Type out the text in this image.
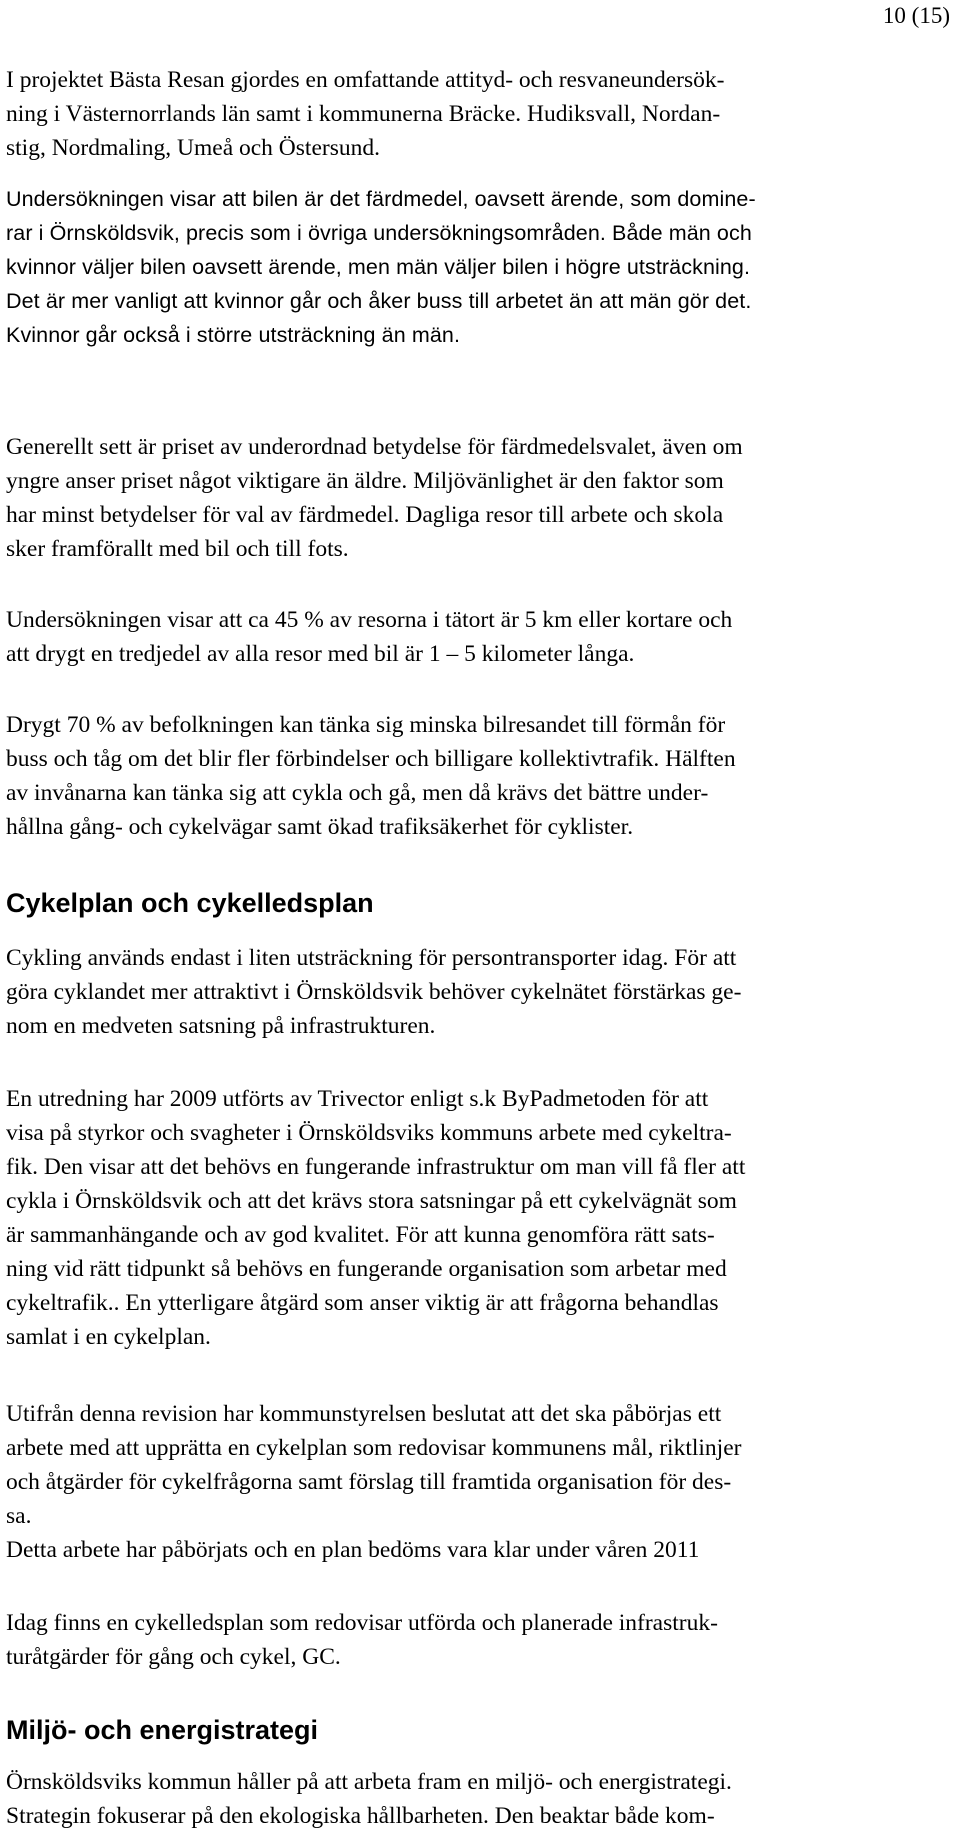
10 (15)
I projektet Bästa Resan gjordes en omfattande attityd- och resvaneundersök-
ning i Västernorrlands län samt i kommunerna Bräcke. Hudiksvall, Nordan-
stig, Nordmaling, Umeå och Östersund.
Undersökningen visar att bilen är det färdmedel, oavsett ärende, som domine-
rar i Örnsköldsvik, precis som i övriga undersökningsområden. Både män och
kvinnor väljer bilen oavsett ärende, men män väljer bilen i högre utsträckning.
Det är mer vanligt att kvinnor går och åker buss till arbetet än att män gör det.
Kvinnor går också i större utsträckning än män.
Generellt sett är priset av underordnad betydelse för färdmedelsvalet, även om
yngre anser priset något viktigare än äldre. Miljövänlighet är den faktor som
har minst betydelser för val av färdmedel. Dagliga resor till arbete och skola
sker framförallt med bil och till fots.
Undersökningen visar att ca 45 % av resorna i tätort är 5 km eller kortare och
att drygt en tredjedel av alla resor med bil är 1 – 5 kilometer långa.
Drygt 70 % av befolkningen kan tänka sig minska bilresandet till förmån för
buss och tåg om det blir fler förbindelser och billigare kollektivtrafik. Hälften
av invånarna kan tänka sig att cykla och gå, men då krävs det bättre under-
hållna gång- och cykelvägar samt ökad trafiksäkerhet för cyklister.
Cykelplan och cykelledsplan
Cykling används endast i liten utsträckning för persontransporter idag. För att
göra cyklandet mer attraktivt i Örnsköldsvik behöver cykelnätet förstärkas ge-
nom en medveten satsning på infrastrukturen.
En utredning har 2009 utförts av Trivector enligt s.k ByPadmetoden för att
visa på styrkor och svagheter i Örnsköldsviks kommuns arbete med cykeltra-
fik. Den visar att det behövs en fungerande infrastruktur om man vill få fler att
cykla i Örnsköldsvik och att det krävs stora satsningar på ett cykelvägnät som
är sammanhängande och av god kvalitet. För att kunna genomföra rätt sats-
ning vid rätt tidpunkt så behövs en fungerande organisation som arbetar med
cykeltrafik.. En ytterligare åtgärd som anser viktig är att frågorna behandlas
samlat i en cykelplan.
Utifrån denna revision har kommunstyrelsen beslutat att det ska påbörjas ett
arbete med att upprätta en cykelplan som redovisar kommunens mål, riktlinjer
och åtgärder för cykelfrågorna samt förslag till framtida organisation för des-
sa.
Detta arbete har påbörjats och en plan bedöms vara klar under våren 2011
Idag finns en cykelledsplan som redovisar utförda och planerade infrastruk-
turåtgärder för gång och cykel, GC.
Miljö- och energistrategi
Örnsköldsviks kommun håller på att arbeta fram en miljö- och energistrategi.
Strategin fokuserar på den ekologiska hållbarheten. Den beaktar både kom-
